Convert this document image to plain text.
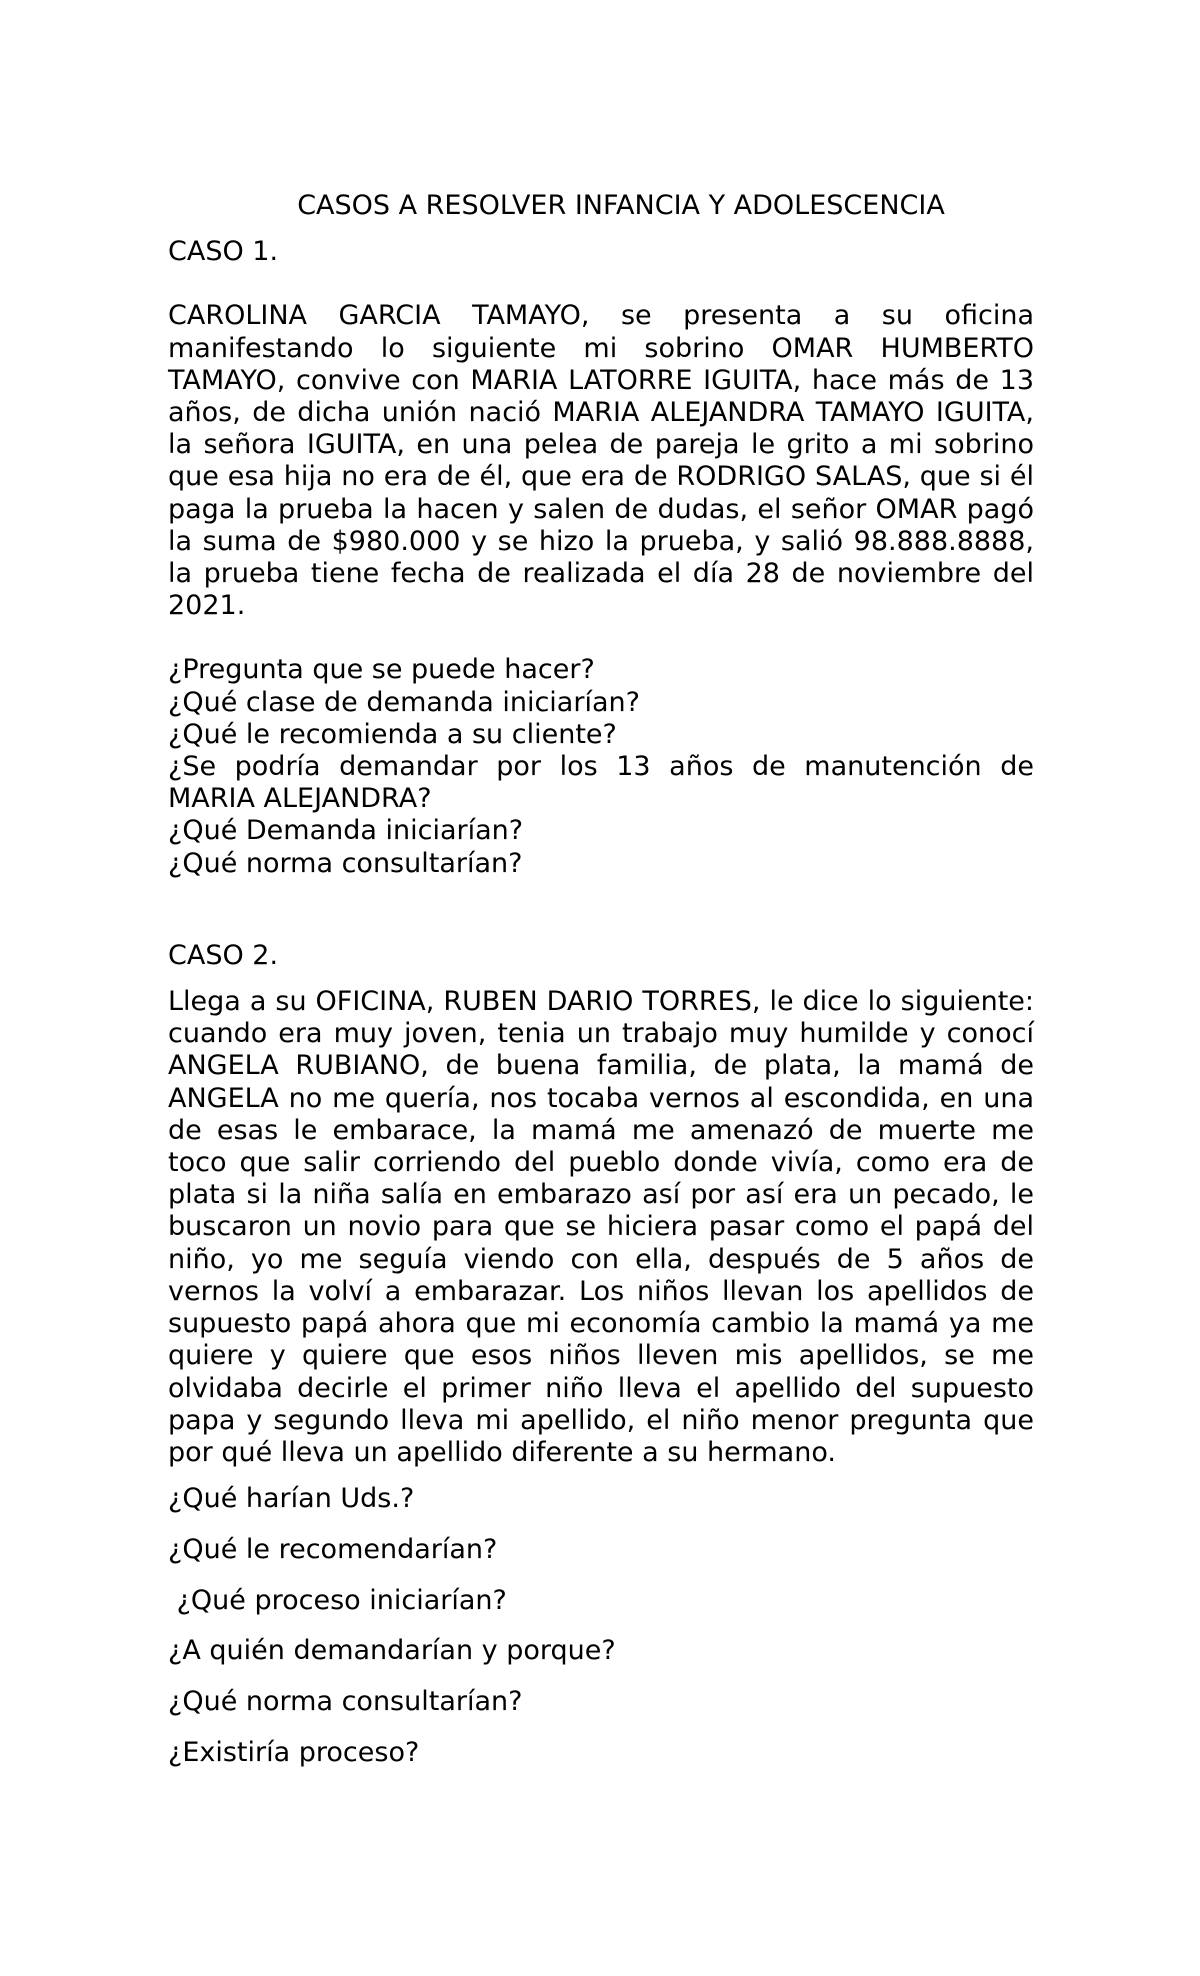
CASOS A RESOLVER INFANCIA Y ADOLESCENCIA

CASO 1.

CAROLINA GARCIA TAMAYO, se presenta a su oficina manifestando lo siguiente mi sobrino OMAR HUMBERTO TAMAYO, convive con MARIA LATORRE IGUITA, hace más de 13 años, de dicha unión nació MARIA ALEJANDRA TAMAYO IGUITA, la señora IGUITA, en una pelea de pareja le grito a mi sobrino que esa hija no era de él, que era de RODRIGO SALAS, que si él paga la prueba la hacen y salen de dudas, el señor OMAR pagó la suma de $980.000 y se hizo la prueba, y salió 98.888.8888, la prueba tiene fecha de realizada el día 28 de noviembre del 2021.

¿Pregunta que se puede hacer?

¿Qué clase de demanda iniciarían?

¿Qué le recomienda a su cliente?

¿Se podría demandar por los 13 años de manutención de MARIA ALEJANDRA?

¿Qué Demanda iniciarían?

¿Qué norma consultarían?

CASO 2.

Llega a su OFICINA, RUBEN DARIO TORRES, le dice lo siguiente: cuando era muy joven, tenia un trabajo muy humilde y conocí ANGELA RUBIANO, de buena familia, de plata, la mamá de ANGELA no me quería, nos tocaba vernos al escondida, en una de esas le embarace, la mamá me amenazó de muerte me toco que salir corriendo del pueblo donde vivía, como era de plata si la niña salía en embarazo así por así era un pecado, le buscaron un novio para que se hiciera pasar como el papá del niño, yo me seguía viendo con ella, después de 5 años de vernos la volví a embarazar. Los niños llevan los apellidos de supuesto papá ahora que mi economía cambio la mamá ya me quiere y quiere que esos niños lleven mis apellidos, se me olvidaba decirle el primer niño lleva el apellido del supuesto papa y segundo lleva mi apellido, el niño menor pregunta que por qué lleva un apellido diferente a su hermano.

¿Qué harían Uds.?

¿Qué le recomendarían?

¿Qué proceso iniciarían?

¿A quién demandarían y porque?

¿Qué norma consultarían?

¿Existiría proceso?
